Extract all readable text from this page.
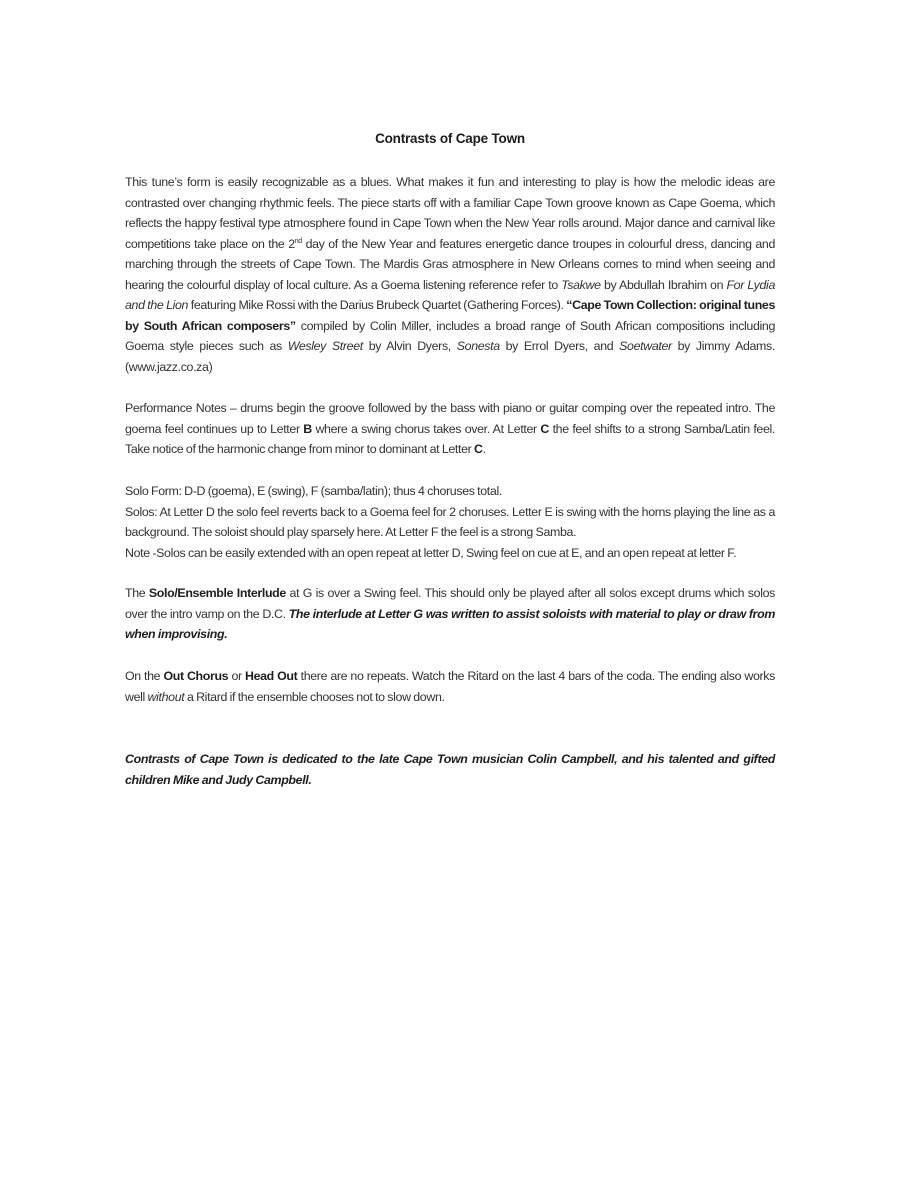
Contrasts of Cape Town

This tune’s form is easily recognizable as a blues. What makes it fun and interesting to play is how the melodic ideas are contrasted over changing rhythmic feels. The piece starts off with a familiar Cape Town groove known as Cape Goema, which reflects the happy festival type atmosphere found in Cape Town when the New Year rolls around. Major dance and carnival like competitions take place on the 2nd day of the New Year and features energetic dance troupes in colourful dress, dancing and marching through the streets of Cape Town. The Mardis Gras atmosphere in New Orleans comes to mind when seeing and hearing the colourful display of local culture. As a Goema listening reference refer to Tsakwe by Abdullah Ibrahim on For Lydia and the Lion featuring Mike Rossi with the Darius Brubeck Quartet (Gathering Forces). “Cape Town Collection: original tunes by South African composers” compiled by Colin Miller, includes a broad range of South African compositions including Goema style pieces such as Wesley Street by Alvin Dyers, Sonesta by Errol Dyers, and Soetwater by Jimmy Adams. (www.jazz.co.za)

Performance Notes – drums begin the groove followed by the bass with piano or guitar comping over the repeated intro. The goema feel continues up to Letter B where a swing chorus takes over. At Letter C the feel shifts to a strong Samba/Latin feel. Take notice of the harmonic change from minor to dominant at Letter C.

Solo Form: D-D (goema), E (swing), F (samba/latin); thus 4 choruses total.

Solos: At Letter D the solo feel reverts back to a Goema feel for 2 choruses. Letter E is swing with the horns playing the line as a background. The soloist should play sparsely here. At Letter F the feel is a strong Samba.

Note -Solos can be easily extended with an open repeat at letter D, Swing feel on cue at E, and an open repeat at letter F.

The Solo/Ensemble Interlude at G is over a Swing feel. This should only be played after all solos except drums which solos over the intro vamp on the D.C. The interlude at Letter G was written to assist soloists with material to play or draw from when improvising.

On the Out Chorus or Head Out there are no repeats. Watch the Ritard on the last 4 bars of the coda. The ending also works well without a Ritard if the ensemble chooses not to slow down.

Contrasts of Cape Town is dedicated to the late Cape Town musician Colin Campbell, and his talented and gifted children Mike and Judy Campbell.
